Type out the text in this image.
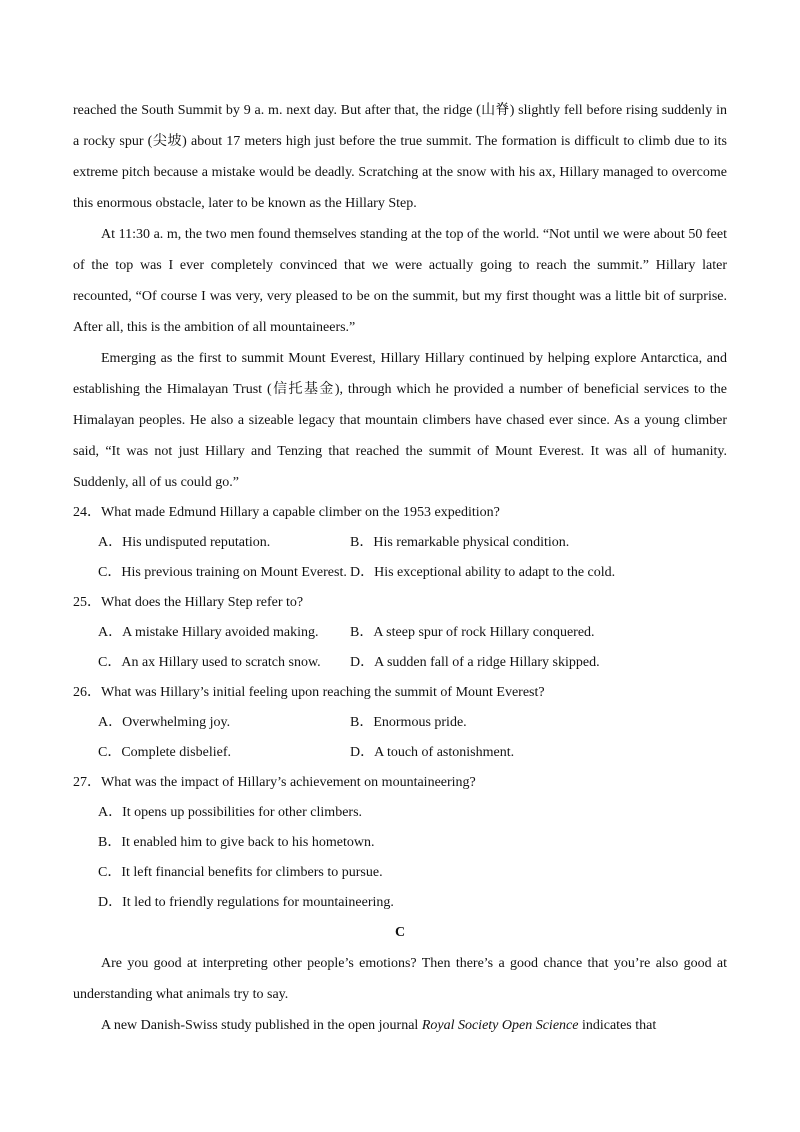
reached the South Summit by 9 a. m. next day. But after that, the ridge (山脊) slightly fell before rising suddenly in a rocky spur (尖坡) about 17 meters high just before the true summit. The formation is difficult to climb due to its extreme pitch because a mistake would be deadly. Scratching at the snow with his ax, Hillary managed to overcome this enormous obstacle, later to be known as the Hillary Step.

At 11:30 a. m, the two men found themselves standing at the top of the world. “Not until we were about 50 feet of the top was I ever completely convinced that we were actually going to reach the summit.” Hillary later recounted, “Of course I was very, very pleased to be on the summit, but my first thought was a little bit of surprise. After all, this is the ambition of all mountaineers.”

Emerging as the first to summit Mount Everest, Hillary Hillary continued by helping explore Antarctica, and establishing the Himalayan Trust (信托基金), through which he provided a number of beneficial services to the Himalayan peoples. He also a sizeable legacy that mountain climbers have chased ever since. As a young climber said, “It was not just Hillary and Tenzing that reached the summit of Mount Everest. It was all of humanity. Suddenly, all of us could go.”

24．What made Edmund Hillary a capable climber on the 1953 expedition?

A．His undisputed reputation.	B．His remarkable physical condition.
C．His previous training on Mount Everest. D．His exceptional ability to adapt to the cold.

25．What does the Hillary Step refer to?

A．A mistake Hillary avoided making.	B．A steep spur of rock Hillary conquered.
C．An ax Hillary used to scratch snow.	D．A sudden fall of a ridge Hillary skipped.

26．What was Hillary’s initial feeling upon reaching the summit of Mount Everest?

A．Overwhelming joy.	B．Enormous pride.
C．Complete disbelief.	D．A touch of astonishment.

27．What was the impact of Hillary’s achievement on mountaineering?

A．It opens up possibilities for other climbers.
B．It enabled him to give back to his hometown.
C．It left financial benefits for climbers to pursue.
D．It led to friendly regulations for mountaineering.

C

Are you good at interpreting other people’s emotions? Then there’s a good chance that you’re also good at understanding what animals try to say.

A new Danish-Swiss study published in the open journal Royal Society Open Science indicates that
